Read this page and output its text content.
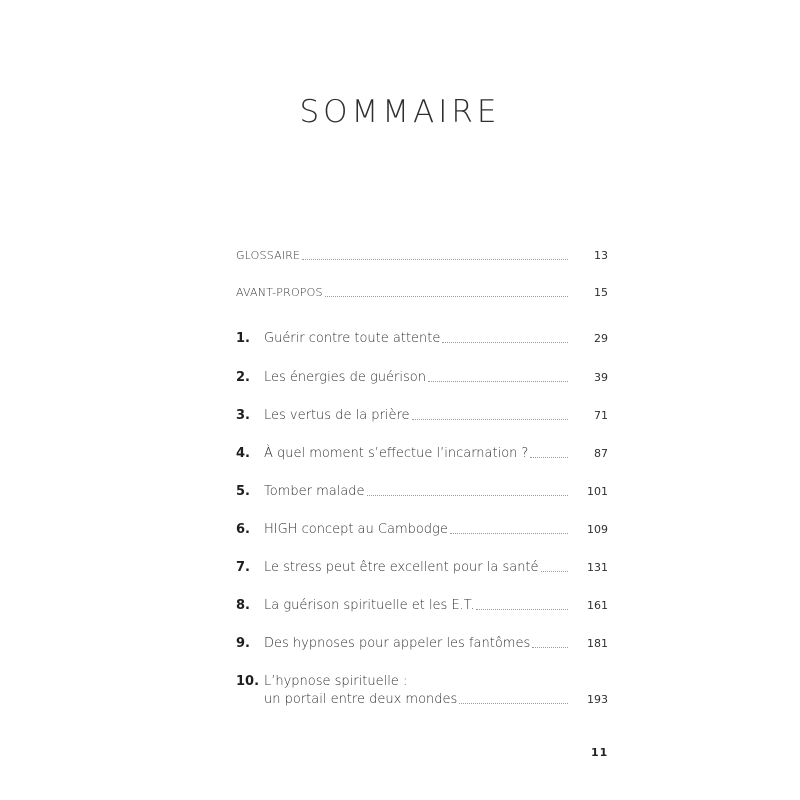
SOMMAIRE
GLOSSAIRE	13
AVANT-PROPOS	15
1.	Guérir contre toute attente	29
2.	Les énergies de guérison	39
3.	Les vertus de la prière	71
4.	À quel moment s’effectue l’incarnation ?	87
5.	Tomber malade	101
6.	HIGH concept au Cambodge	109
7.	Le stress peut être excellent pour la santé	131
8.	La guérison spirituelle et les E.T.	161
9.	Des hypnoses pour appeler les fantômes	181
10. L’hypnose spirituelle :
un portail entre deux mondes	193
11
